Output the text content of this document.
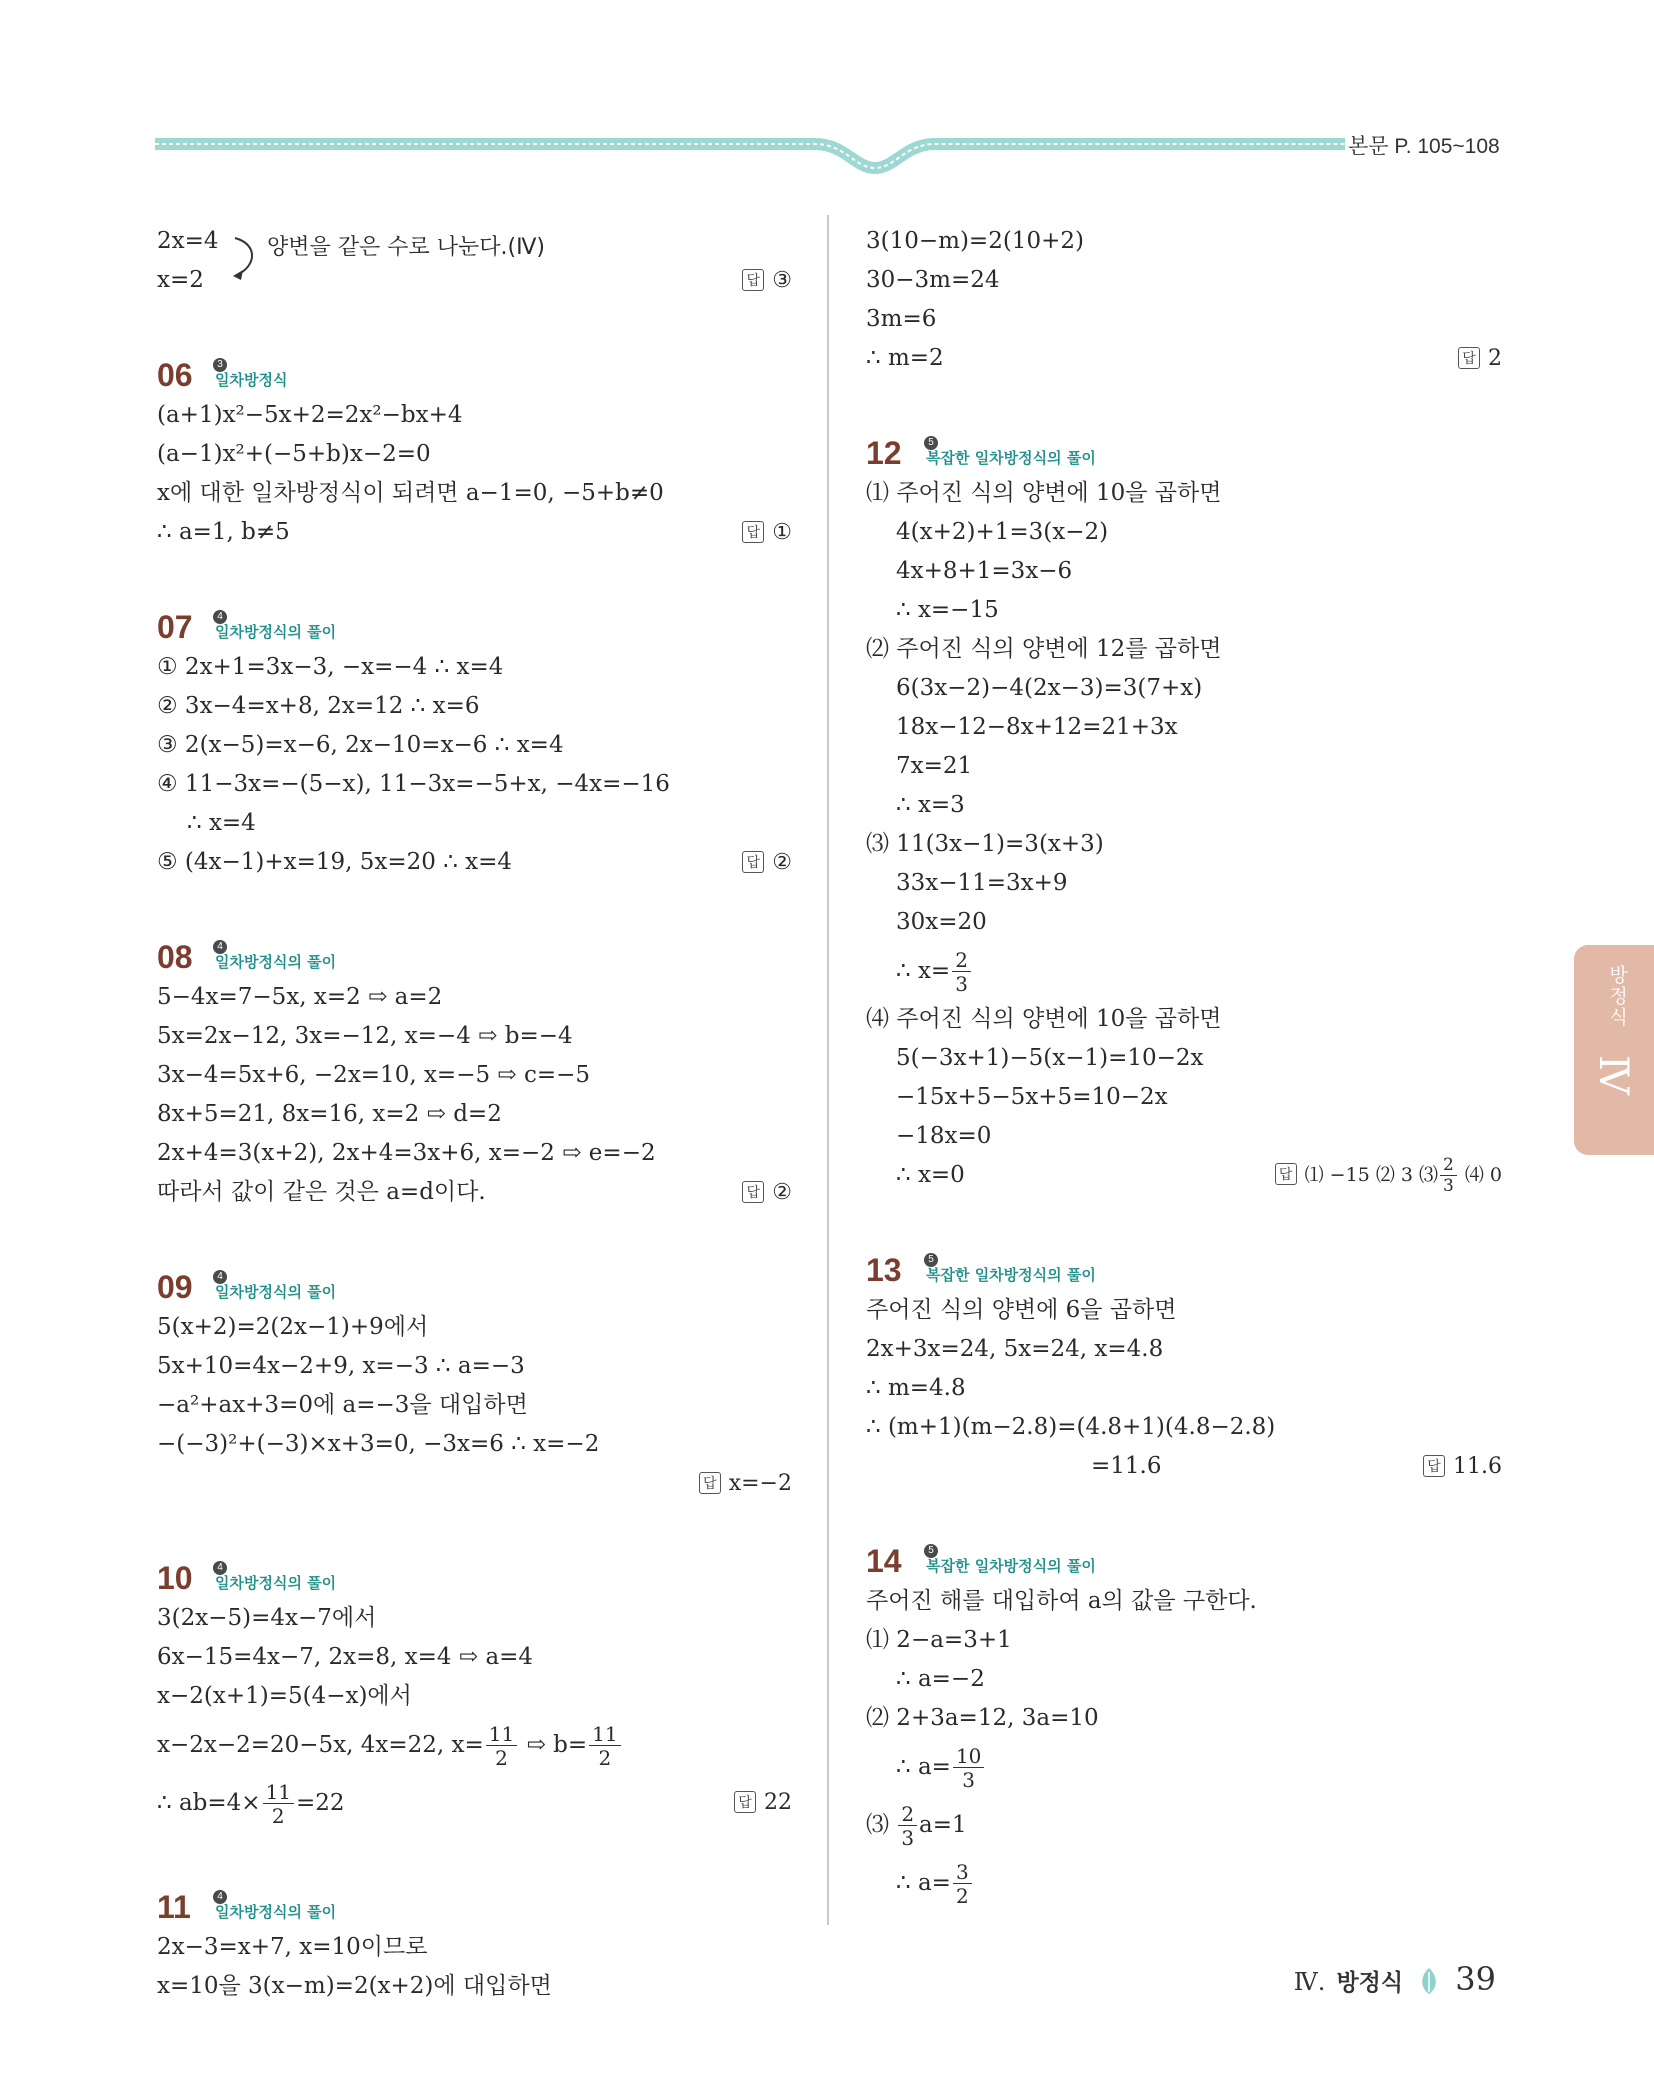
본문 P. 105~108
2x=4
x=2	답 ③
양변을 같은 수로 나눈다.(Ⅳ)
06	3
일차방정식
(a+1)x²−5x+2=2x²−bx+4
(a−1)x²+(−5+b)x−2=0
x에 대한 일차방정식이 되려면 a−1=0, −5+b≠0
∴ a=1, b≠5	답 ①
07	4
일차방정식의 풀이
① 2x+1=3x−3, −x=−4 ∴ x=4
② 3x−4=x+8, 2x=12 ∴ x=6
③ 2(x−5)=x−6, 2x−10=x−6 ∴ x=4
④ 11−3x=−(5−x), 11−3x=−5+x, −4x=−16
∴ x=4
⑤ (4x−1)+x=19, 5x=20 ∴ x=4	답 ②
08	4
일차방정식의 풀이
5−4x=7−5x, x=2 ⇨ a=2
5x=2x−12, 3x=−12, x=−4 ⇨ b=−4
3x−4=5x+6, −2x=10, x=−5 ⇨ c=−5
8x+5=21, 8x=16, x=2 ⇨ d=2
2x+4=3(x+2), 2x+4=3x+6, x=−2 ⇨ e=−2
따라서 값이 같은 것은 a=d이다.	답 ②
09	4
일차방정식의 풀이
5(x+2)=2(2x−1)+9에서
5x+10=4x−2+9, x=−3 ∴ a=−3
−a²+ax+3=0에 a=−3을 대입하면
−(−3)²+(−3)×x+3=0, −3x=6 ∴ x=−2
답 x=−2
10	4
일차방정식의 풀이
3(2x−5)=4x−7에서
6x−15=4x−7, 2x=8, x=4 ⇨ a=4
x−2(x+1)=5(4−x)에서
x−2x−2=20−5x, 4x=22, $x= \frac{11}{2}$ ⇨ $b= \frac{11}{2}$
∴ $ab=4\times \frac{11}{2} =22$	답 22
11	4
일차방정식의 풀이
2x−3=x+7, x=10이므로
x=10을 3(x−m)=2(x+2)에 대입하면
3(10−m)=2(10+2)
30−3m=24
3m=6
∴ m=2	답 2
12	5
복잡한 일차방정식의 풀이
⑴ 주어진 식의 양변에 10을 곱하면
4(x+2)+1=3(x−2)
4x+8+1=3x−6
∴ x=−15
⑵ 주어진 식의 양변에 12를 곱하면
6(3x−2)−4(2x−3)=3(7+x)
18x−12−8x+12=21+3x
7x=21
∴ x=3
⑶ 11(3x−1)=3(x+3)
33x−11=3x+9
30x=20
∴ $x= \frac{2}{3}$
⑷ 주어진 식의 양변에 10을 곱하면
5(−3x+1)−5(x−1)=10−2x
−15x+5−5x+5=10−2x
−18x=0
∴ x=0	답 ⑴ −15 ⑵ 3 ⑶ $\frac{2}{3}$ ⑷ 0
13	5
복잡한 일차방정식의 풀이
주어진 식의 양변에 6을 곱하면
2x+3x=24, 5x=24, x=4.8
∴ m=4.8
∴ (m+1)(m−2.8)=(4.8+1)(4.8−2.8)
=11.6	답 11.6
14	5
복잡한 일차방정식의 풀이
주어진 해를 대입하여 a의 값을 구한다.
⑴ 2−a=3+1
∴ a=−2
⑵ 2+3a=12, 3a=10
∴ $a= \frac{10}{3}$
⑶ $\frac{2}{3} a=1$
∴ $a= \frac{3}{2}$
방정식
Ⅳ
Ⅳ. 방정식 39
